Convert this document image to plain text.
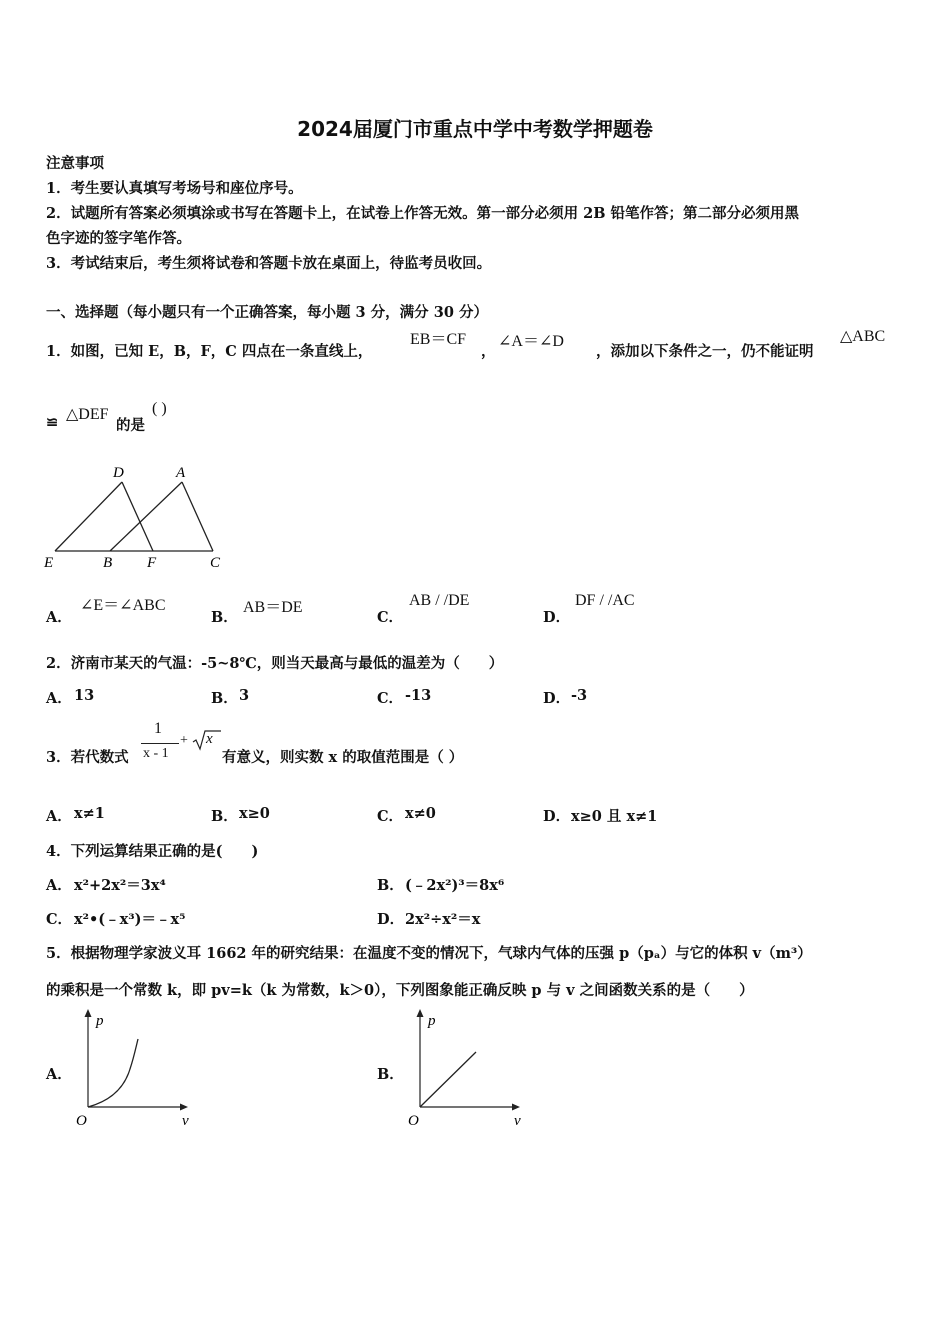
2024届厦门市重点中学中考数学押题卷
注意事项
1．考生要认真填写考场号和座位序号。
2．试题所有答案必须填涂或书写在答题卡上，在试卷上作答无效。第一部分必须用 2B 铅笔作答；第二部分必须用黑
色字迹的签字笔作答。
3．考试结束后，考生须将试卷和答题卡放在桌面上，待监考员收回。
一、选择题（每小题只有一个正确答案，每小题 3 分，满分 30 分）
1．如图，已知 E，B，F，C 四点在一条直线上，
EB＝CF
，
∠A＝∠D
，添加以下条件之一，仍不能证明
△ABC
≌ △DEF
的是
( )
D	A
E	B F	C
A．
∠E＝∠ABC
B．
AB＝DE
C．
AB / /DE
D．
DF / /AC
2．济南市某天的气温：-5~8℃，则当天最高与最低的温差为（　　）
A． 13	B． 3	C． -13	D． -3
3．若代数式
1
x - 1
+ x
有意义，则实数 x 的取值范围是（ ）
A． x≠1	B． x≥0	C． x≠0	D． x≥0 且 x≠1
4．下列运算结果正确的是(　　)
A． x²+2x²＝3x⁴	B． (﹣2x²)³＝8x⁶
C． x²•(﹣x³)＝﹣x⁵	D． 2x²÷x²＝x
5．根据物理学家波义耳 1662 年的研究结果：在温度不变的情况下，气球内气体的压强 p（pₐ）与它的体积 v（m³）
的乘积是一个常数 k，即 pv=k（k 为常数，k＞0），下列图象能正确反映 p 与 v 之间函数关系的是（　　）
A．
p
v
O
B．
p
v
O
